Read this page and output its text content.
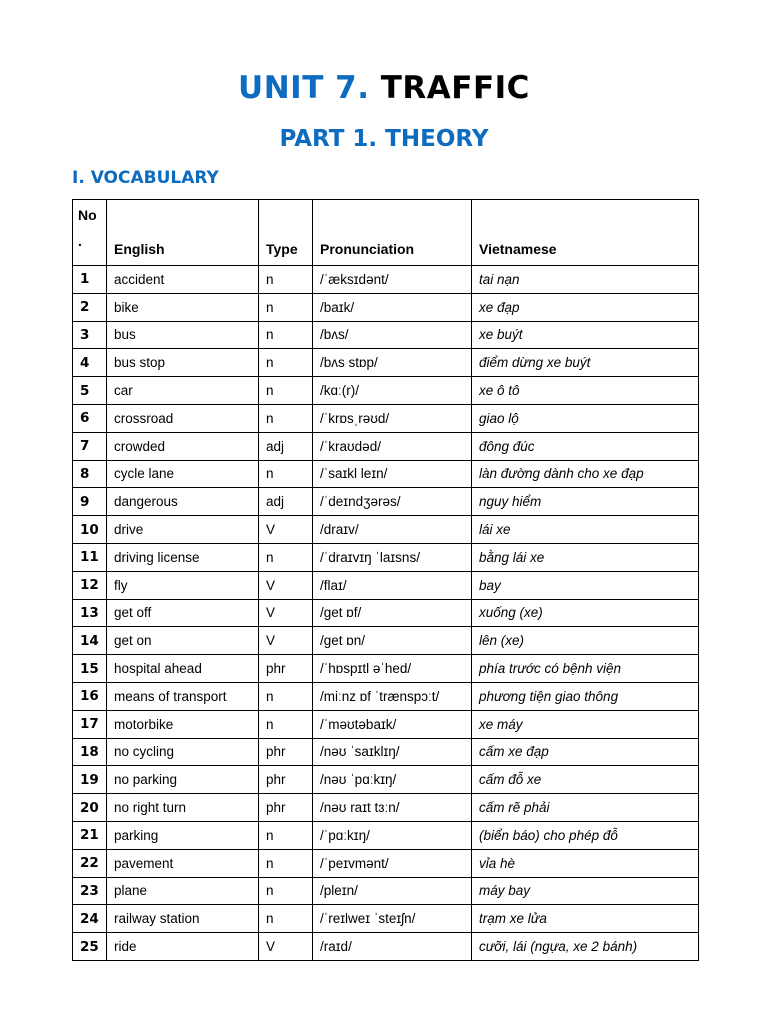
UNIT 7. TRAFFIC
PART 1. THEORY
I. VOCABULARY
No
.	English	Type	Pronunciation	Vietnamese
1	accident	n	/ˈæksɪdənt/	tai nạn
2	bike	n	/baɪk/	xe đạp
3	bus	n	/bʌs/	xe buýt
4	bus stop	n	/bʌs stɒp/	điểm dừng xe buýt
5	car	n	/kɑː(r)/	xe ô tô
6	crossroad	n	/ˈkrɒsˌrəʊd/	giao lộ
7	crowded	adj	/ˈkraʊdəd/	đông đúc
8	cycle lane	n	/ˈsaɪkl leɪn/	làn đường dành cho xe đạp
9	dangerous	adj	/ˈdeɪndʒərəs/	nguy hiểm
10	drive	V	/draɪv/	lái xe
11	driving license	n	/ˈdraɪvɪŋ ˈlaɪsns/	bằng lái xe
12	fly	V	/flaɪ/	bay
13	get off	V	/get ɒf/	xuống (xe)
14	get on	V	/get ɒn/	lên (xe)
15	hospital ahead	phr	/ˈhɒspɪtl əˈhed/	phía trước có bệnh viện
16	means of transport	n	/miːnz ɒf ˈtrænspɔːt/	phương tiện giao thông
17	motorbike	n	/ˈməʊtəbaɪk/	xe máy
18	no cycling	phr	/nəʊ ˈsaɪklɪŋ/	cấm xe đạp
19	no parking	phr	/nəʊ ˈpɑːkɪŋ/	cấm đỗ xe
20	no right turn	phr	/nəʊ raɪt tɜːn/	cấm rẽ phải
21	parking	n	/ˈpɑːkɪŋ/	(biển báo) cho phép đỗ
22	pavement	n	/ˈpeɪvmənt/	vỉa hè
23	plane	n	/pleɪn/	máy bay
24	railway station	n	/ˈreɪlweɪ ˈsteɪʃn/	trạm xe lửa
25	ride	V	/raɪd/	cưỡi, lái (ngựa, xe 2 bánh)
